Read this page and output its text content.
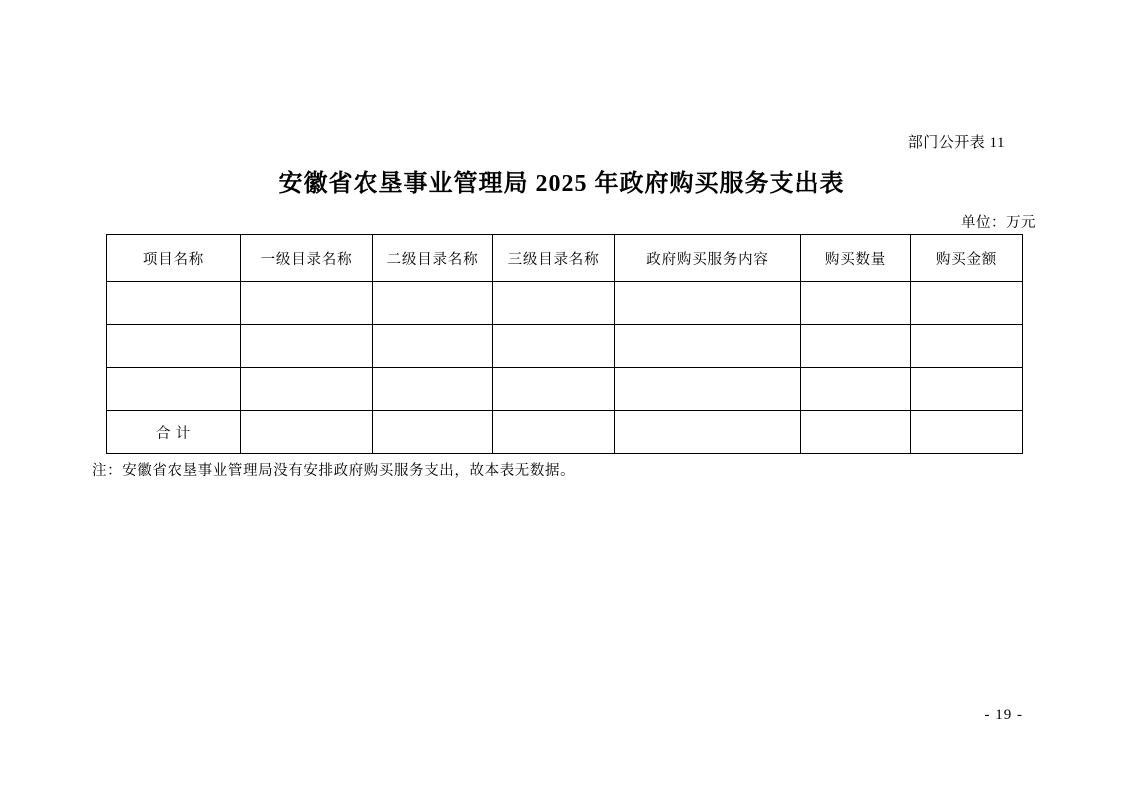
部门公开表 11
安徽省农垦事业管理局 2025 年政府购买服务支出表
单位：万元
项目名称	一级目录名称	二级目录名称	三级目录名称	政府购买服务内容	购买数量	购买金额

合 计						
注：安徽省农垦事业管理局没有安排政府购买服务支出，故本表无数据。
- 19 -
